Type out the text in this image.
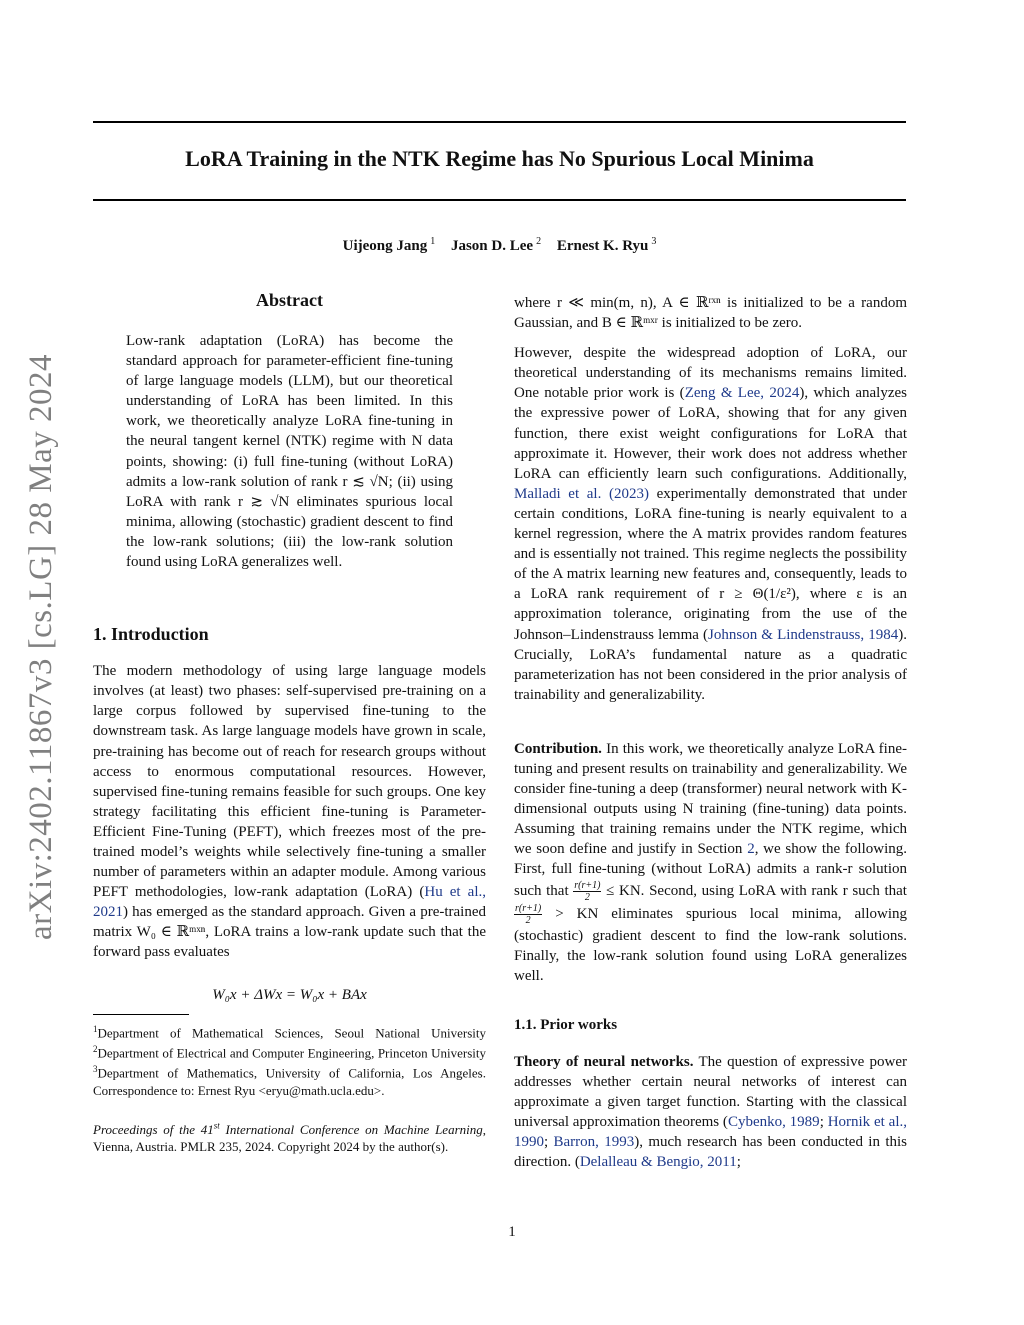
LoRA Training in the NTK Regime has No Spurious Local Minima
Uijeong Jang $^1$ Jason D. Lee $^2$ Ernest K. Ryu $^3$
arXiv:2402.11867v3 [cs.LG] 28 May 2024
Abstract

Low-rank adaptation (LoRA) has become the standard approach for parameter-efficient fine-tuning of large language models (LLM), but our theoretical understanding of LoRA has been limited. In this work, we theoretically analyze LoRA fine-tuning in the neural tangent kernel (NTK) regime with N data points, showing: (i) full fine-tuning (without LoRA) admits a low-rank solution of rank r ≲ √N; (ii) using LoRA with rank r ≳ √N eliminates spurious local minima, allowing (stochastic) gradient descent to find the low-rank solutions; (iii) the low-rank solution found using LoRA generalizes well.

1. Introduction

The modern methodology of using large language models involves (at least) two phases: self-supervised pre-training on a large corpus followed by supervised fine-tuning to the downstream task. As large language models have grown in scale, pre-training has become out of reach for research groups without access to enormous computational resources. However, supervised fine-tuning remains feasible for such groups. One key strategy facilitating this efficient fine-tuning is Parameter-Efficient Fine-Tuning (PEFT), which freezes most of the pre-trained model’s weights while selectively fine-tuning a smaller number of parameters within an adapter module. Among various PEFT methodologies, low-rank adaptation (LoRA) (Hu et al., 2021) has emerged as the standard approach. Given a pre-trained matrix W₀ ∈ ℝᵐˣⁿ, LoRA trains a low-rank update such that the forward pass evaluates

W₀x + ΔWx = W₀x + BAx

$^1$Department of Mathematical Sciences, Seoul National University $^2$Department of Electrical and Computer Engineering, Princeton University $^3$Department of Mathematics, University of California, Los Angeles. Correspondence to: Ernest Ryu <eryu@math.ucla.edu>.

Proceedings of the 41st International Conference on Machine Learning, Vienna, Austria. PMLR 235, 2024. Copyright 2024 by the author(s).

where r ≪ min(m, n), A ∈ ℝʳˣⁿ is initialized to be a random Gaussian, and B ∈ ℝᵐˣʳ is initialized to be zero.

However, despite the widespread adoption of LoRA, our theoretical understanding of its mechanisms remains limited. One notable prior work is (Zeng & Lee, 2024), which analyzes the expressive power of LoRA, showing that for any given function, there exist weight configurations for LoRA that approximate it. However, their work does not address whether LoRA can efficiently learn such configurations. Additionally, Malladi et al. (2023) experimentally demonstrated that under certain conditions, LoRA fine-tuning is nearly equivalent to a kernel regression, where the A matrix provides random features and is essentially not trained. This regime neglects the possibility of the A matrix learning new features and, consequently, leads to a LoRA rank requirement of r ≥ Θ(1/ε²), where ε is an approximation tolerance, originating from the use of the Johnson–Lindenstrauss lemma (Johnson & Lindenstrauss, 1984). Crucially, LoRA’s fundamental nature as a quadratic parameterization has not been considered in the prior analysis of trainability and generalizability.

Contribution. In this work, we theoretically analyze LoRA fine-tuning and present results on trainability and generalizability. We consider fine-tuning a deep (transformer) neural network with K-dimensional outputs using N training (fine-tuning) data points. Assuming that training remains under the NTK regime, which we soon define and justify in Section 2, we show the following. First, full fine-tuning (without LoRA) admits a rank-r solution such that $\frac{r(r+1)}{2}$ ≤ KN. Second, using LoRA with rank r such that
$\frac{r(r+1)}{2}$ > KN eliminates spurious local minima, allowing (stochastic) gradient descent to find the low-rank solutions. Finally, the low-rank solution found using LoRA generalizes well.

1.1. Prior works

Theory of neural networks. The question of expressive power addresses whether certain neural networks of interest can approximate a given target function. Starting with the classical universal approximation theorems (Cybenko, 1989; Hornik et al., 1990; Barron, 1993), much research has been conducted in this direction. (Delalleau & Bengio, 2011;

1
